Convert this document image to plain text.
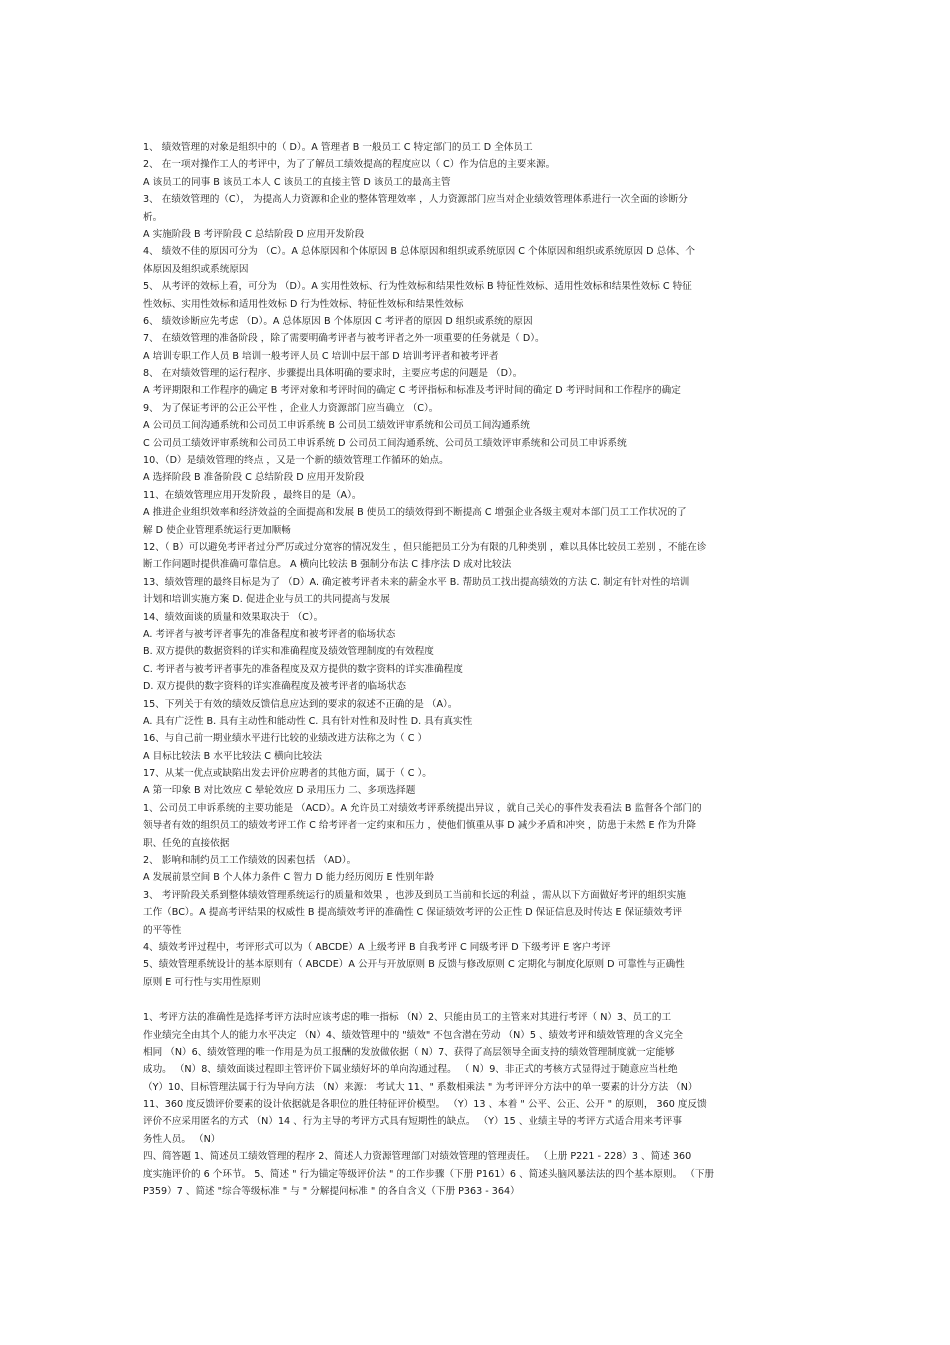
1、 绩效管理的对象是组织中的（ D）。A 管理者 B 一般员工 C 特定部门的员工 D 全体员工
2、 在一项对操作工人的考评中，为了了解员工绩效提高的程度应以（ C）作为信息的主要来源。
A 该员工的同事 B 该员工本人 C 该员工的直接主管 D 该员工的最高主管
3、 在绩效管理的（C）， 为提高人力资源和企业的整体管理效率 ，人力资源部门应当对企业绩效管理体系进行一次全面的诊断分
析。
A 实施阶段 B 考评阶段 C 总结阶段 D 应用开发阶段
4、 绩效不佳的原因可分为 （C）。A 总体原因和个体原因 B 总体原因和组织或系统原因 C 个体原因和组织或系统原因 D 总体、个
体原因及组织或系统原因
5、 从考评的效标上看，可分为 （D）。A 实用性效标、行为性效标和结果性效标 B 特征性效标、适用性效标和结果性效标 C 特征
性效标、实用性效标和适用性效标 D 行为性效标、特征性效标和结果性效标
6、 绩效诊断应先考虑 （D）。A 总体原因 B 个体原因 C 考评者的原因 D 组织或系统的原因
7、 在绩效管理的准备阶段 ，除了需要明确考评者与被考评者之外一项重要的任务就是（ D）。
A 培训专职工作人员 B 培训一般考评人员 C 培训中层干部 D 培训考评者和被考评者
8、 在对绩效管理的运行程序、步骤提出具体明确的要求时，主要应考虑的问题是 （D）。
A 考评期限和工作程序的确定 B 考评对象和考评时间的确定 C 考评指标和标准及考评时间的确定 D 考评时间和工作程序的确定
9、 为了保证考评的公正公平性 ，企业人力资源部门应当确立 （C）。
A 公司员工间沟通系统和公司员工申诉系统 B 公司员工绩效评审系统和公司员工间沟通系统
C 公司员工绩效评审系统和公司员工申诉系统 D 公司员工间沟通系统、公司员工绩效评审系统和公司员工申诉系统
10、（D）是绩效管理的终点 ，又是一个新的绩效管理工作循环的始点。
A 选择阶段 B 准备阶段 C 总结阶段 D 应用开发阶段
11、在绩效管理应用开发阶段 ，最终目的是（A）。
A 推进企业组织效率和经济效益的全面提高和发展 B 使员工的绩效得到不断提高 C 增强企业各级主观对本部门员工工作状况的了
解 D 使企业管理系统运行更加顺畅
12、（ B）可以避免考评者过分严厉或过分宽容的情况发生 ，但只能把员工分为有限的几种类别 ，难以具体比较员工差别 ，不能在诊
断工作问题时提供准确可靠信息。 A 横向比较法 B 强制分布法 C 排序法 D 成对比较法
13、绩效管理的最终目标是为了 （D）A. 确定被考评者未来的薪金水平 B. 帮助员工找出提高绩效的方法 C. 制定有针对性的培训
计划和培训实施方案 D. 促进企业与员工的共同提高与发展
14、绩效面谈的质量和效果取决于 （C）。
A. 考评者与被考评者事先的准备程度和被考评者的临场状态
B. 双方提供的数据资料的详实和准确程度及绩效管理制度的有效程度
C. 考评者与被考评者事先的准备程度及双方提供的数字资料的详实准确程度
D. 双方提供的数字资料的详实准确程度及被考评者的临场状态
15、下列关于有效的绩效反馈信息应达到的要求的叙述不正确的是 （A）。
A. 具有广泛性 B. 具有主动性和能动性 C. 具有针对性和及时性 D. 具有真实性
16、与自己前一期业绩水平进行比较的业绩改进方法称之为（ C ）
A 目标比较法 B 水平比较法 C 横向比较法
17、从某一优点或缺陷出发去评价应聘者的其他方面，属于（ C ）。
A 第一印象 B 对比效应 C 晕轮效应 D 录用压力 二、多项选择题
1、公司员工申诉系统的主要功能是 （ACD）。A 允许员工对绩效考评系统提出异议 ，就自己关心的事件发表看法 B 监督各个部门的
领导者有效的组织员工的绩效考评工作 C 给考评者一定约束和压力 ，使他们慎重从事 D 减少矛盾和冲突 ，防患于未然 E 作为升降
职、任免的直接依据
2、 影响和制约员工工作绩效的因素包括 （AD）。
A 发展前景空间 B 个人体力条件 C 智力 D 能力经历阅历 E 性别年龄
3、 考评阶段关系到整体绩效管理系统运行的质量和效果 ，也涉及到员工当前和长远的利益 ，需从以下方面做好考评的组织实施
工作（BC）。A 提高考评结果的权威性 B 提高绩效考评的准确性 C 保证绩效考评的公正性 D 保证信息及时传达 E 保证绩效考评
的平等性
4、绩效考评过程中，考评形式可以为（ ABCDE）A 上级考评 B 自我考评 C 同级考评 D 下级考评 E 客户考评
5、绩效管理系统设计的基本原则有（ ABCDE）A 公开与开放原则 B 反馈与修改原则 C 定期化与制度化原则 D 可靠性与正确性
原则 E 可行性与实用性原则
1、考评方法的准确性是选择考评方法时应该考虑的唯一指标 （N）2、只能由员工的主管来对其进行考评（ N）3、员工的工
作业绩完全由其个人的能力水平决定 （N）4、绩效管理中的 "绩效" 不包含潜在劳动 （N）5 、绩效考评和绩效管理的含义完全
相同 （N）6、绩效管理的唯一作用是为员工报酬的发放做依据（ N）7、获得了高层领导全面支持的绩效管理制度就一定能够
成功。 （N）8、绩效面谈过程即主管评价下属业绩好坏的单向沟通过程。 （ N）9、非正式的考核方式显得过于随意应当杜绝
（Y）10、目标管理法属于行为导向方法 （N）来源： 考试大 11、" 系数相乘法 " 为考评评分方法中的单一要素的计分方法 （N）
11、360 度反馈评价要素的设计依据就是各职位的胜任特征评价模型。 （Y）13 、本着 " 公平、公正、公开 " 的原则， 360 度反馈
评价不应采用匿名的方式 （N）14 、行为主导的考评方式具有短期性的缺点。 （Y）15 、业绩主导的考评方式适合用来考评事
务性人员。 （N）
四、简答题 1、简述员工绩效管理的程序 2、简述人力资源管理部门对绩效管理的管理责任。 （上册 P221 - 228）3 、简述 360
度实施评价的 6 个环节。 5、简述 " 行为锚定等级评价法 " 的工作步骤（下册 P161）6 、简述头脑风暴法法的四个基本原则。 （下册
P359）7 、简述 "综合等级标准 " 与 " 分解提问标准 " 的各自含义（下册 P363 - 364）
